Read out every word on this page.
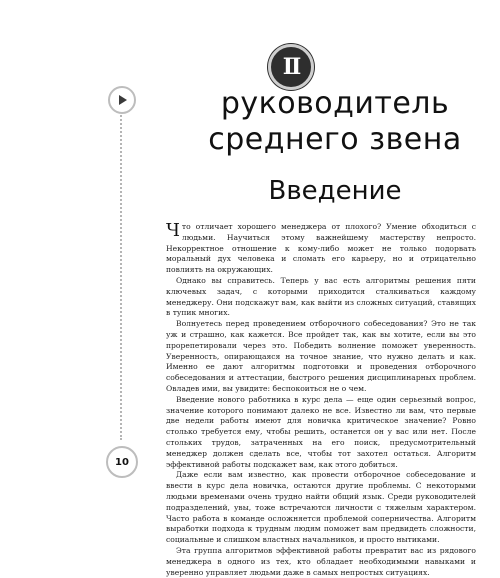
II
руководитель
среднего звена
Введение

Что отличает хорошего менеджера от плохого? Умение обходиться с людьми. Научиться этому важнейшему мастерству непросто. Некорректное отношение к кому-либо может не только подорвать моральный дух человека и сломать его карьеру, но и отрицательно повлиять на окружающих.

Однако вы справитесь. Теперь у вас есть алгоритмы решения пяти ключевых задач, с которыми приходится сталкиваться каждому менеджеру. Они подскажут вам, как выйти из сложных ситуаций, ставящих в тупик многих.

Волнуетесь перед проведением отборочного собеседования? Это не так уж и страшно, как кажется. Все пройдет так, как вы хотите, если вы это прорепетировали через это. Победить волнение поможет уверенность. Уверенность, опирающаяся на точное знание, что нужно делать и как. Именно ее дают алгоритмы подготовки и проведения отборочного собеседования и аттестации, быстрого решения дисциплинарных проблем. Овладев ими, вы увидите: беспокоиться не о чем.

Введение нового работника в курс дела — еще один серьезный вопрос, значение которого понимают далеко не все. Известно ли вам, что первые две недели работы имеют для новичка критическое значение? Ровно столько требуется ему, чтобы решить, останется он у вас или нет. После стольких трудов, затраченных на его поиск, предусмотрительный менеджер должен сделать все, чтобы тот захотел остаться. Алгоритм эффективной работы подскажет вам, как этого добиться.

Даже если вам известно, как провести отборочное собеседование и ввести в курс дела новичка, остаются другие проблемы. С некоторыми людьми временами очень трудно найти общий язык. Среди руководителей подразделений, увы, тоже встречаются личности с тяжелым характером. Часто работа в команде осложняется проблемой соперничества. Алгоритм выработки подхода к трудным людям поможет вам предвидеть сложности, социальные и слишком властных начальников, и просто нытиками.

Эта группа алгоритмов эффективной работы превратит вас из рядового менеджера в одного из тех, кто обладает необходимыми навыками и уверенно управляет людьми даже в самых непростых ситуациях.

10
